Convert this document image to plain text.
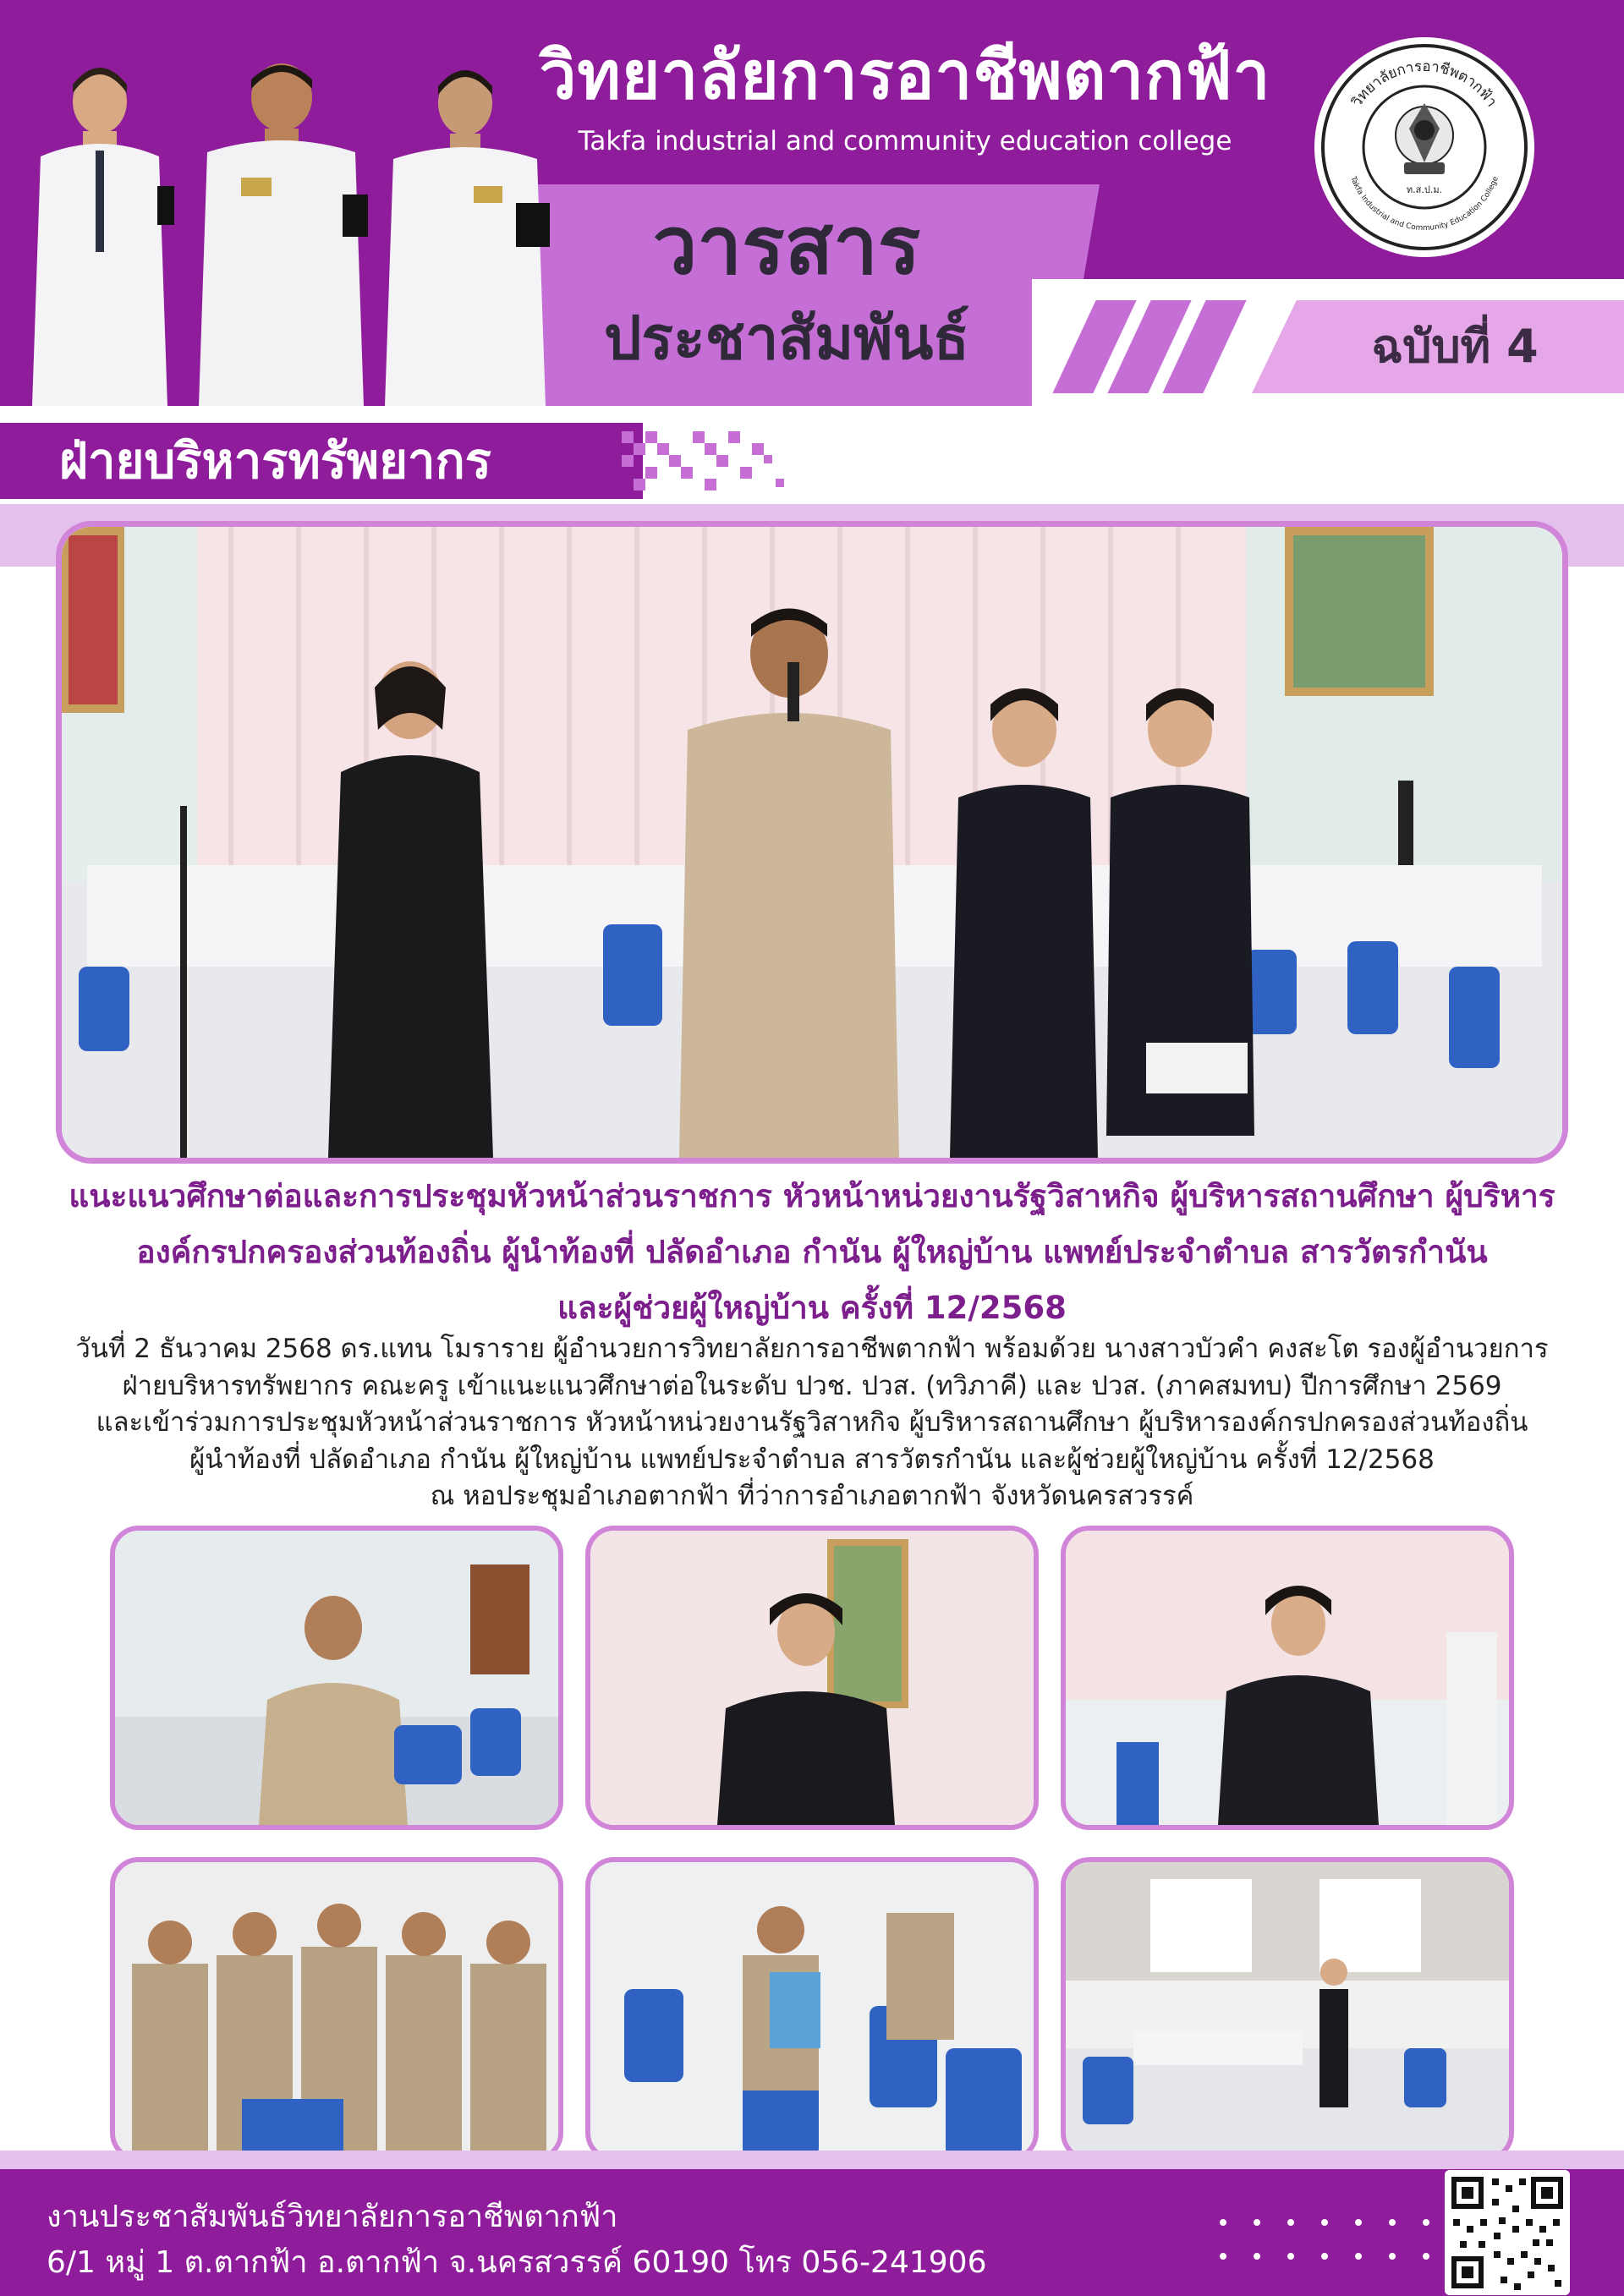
ฉบับที่ 4
วิทยาลัยการอาชีพตากฟ้า
Takfa industrial and community education college
วารสาร
ประชาสัมพันธ์
วิทยาลัยการอาชีพตากฟ้า
Takfa Industrial and Community Education College
ท.ส.ป.ม.
ฝ่ายบริหารทรัพยากร
แนะแนวศึกษาต่อและการประชุมหัวหน้าส่วนราชการ หัวหน้าหน่วยงานรัฐวิสาหกิจ ผู้บริหารสถานศึกษา ผู้บริหาร
องค์กรปกครองส่วนท้องถิ่น ผู้นำท้องที่ ปลัดอำเภอ กำนัน ผู้ใหญ่บ้าน แพทย์ประจำตำบล สารวัตรกำนัน
และผู้ช่วยผู้ใหญ่บ้าน ครั้งที่ 12/2568
วันที่ 2 ธันวาคม 2568 ดร.แทน โมราราย ผู้อำนวยการวิทยาลัยการอาชีพตากฟ้า พร้อมด้วย นางสาวบัวคำ คงสะโต รองผู้อำนวยการ
ฝ่ายบริหารทรัพยากร คณะครู เข้าแนะแนวศึกษาต่อในระดับ ปวช. ปวส. (ทวิภาคี) และ ปวส. (ภาคสมทบ) ปีการศึกษา 2569
และเข้าร่วมการประชุมหัวหน้าส่วนราชการ หัวหน้าหน่วยงานรัฐวิสาหกิจ ผู้บริหารสถานศึกษา ผู้บริหารองค์กรปกครองส่วนท้องถิ่น
ผู้นำท้องที่ ปลัดอำเภอ กำนัน ผู้ใหญ่บ้าน แพทย์ประจำตำบล สารวัตรกำนัน และผู้ช่วยผู้ใหญ่บ้าน ครั้งที่ 12/2568
ณ หอประชุมอำเภอตากฟ้า ที่ว่าการอำเภอตากฟ้า จังหวัดนครสวรรค์
งานประชาสัมพันธ์วิทยาลัยการอาชีพตากฟ้า
6/1 หมู่ 1 ต.ตากฟ้า อ.ตากฟ้า จ.นครสวรรค์ 60190 โทร 056-241906
